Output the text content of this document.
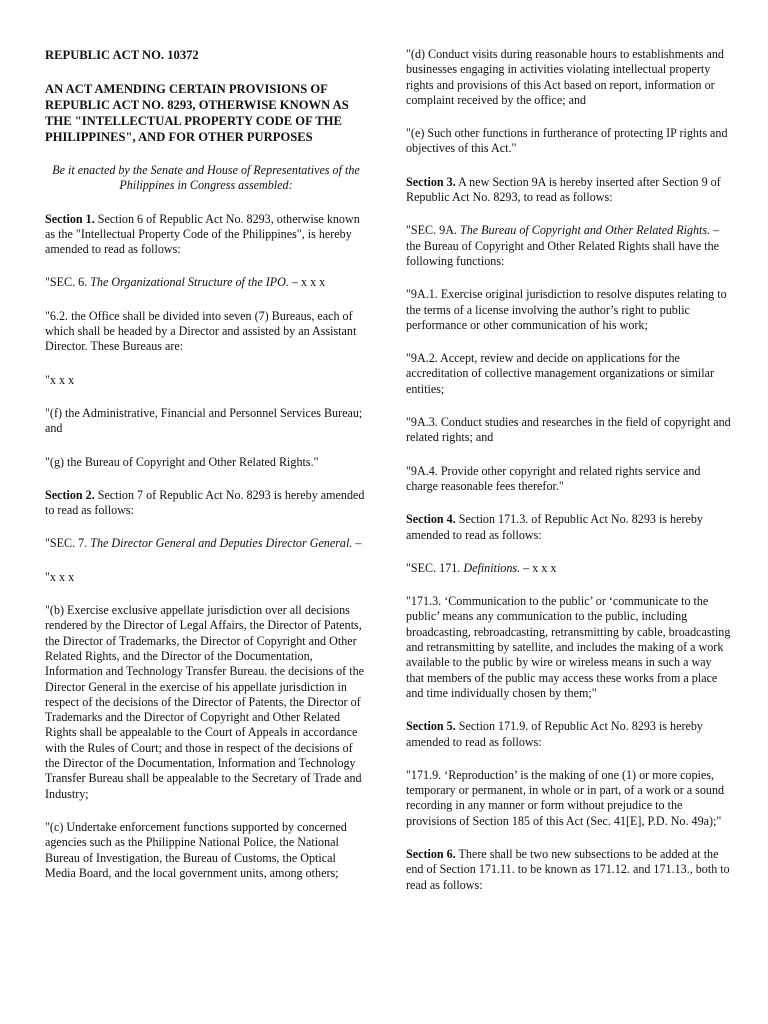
REPUBLIC ACT NO. 10372

AN ACT AMENDING CERTAIN PROVISIONS OF REPUBLIC ACT NO. 8293, OTHERWISE KNOWN AS THE "INTELLECTUAL PROPERTY CODE OF THE PHILIPPINES", AND FOR OTHER PURPOSES

Be it enacted by the Senate and House of Representatives of the Philippines in Congress assembled:

Section 1. Section 6 of Republic Act No. 8293, otherwise known as the "Intellectual Property Code of the Philippines", is hereby amended to read as follows:

"SEC. 6. The Organizational Structure of the IPO. – x x x

"6.2. the Office shall be divided into seven (7) Bureaus, each of which shall be headed by a Director and assisted by an Assistant Director. These Bureaus are:

"x x x

"(f) the Administrative, Financial and Personnel Services Bureau; and

"(g) the Bureau of Copyright and Other Related Rights."

Section 2. Section 7 of Republic Act No. 8293 is hereby amended to read as follows:

"SEC. 7. The Director General and Deputies Director General. –

"x x x

"(b) Exercise exclusive appellate jurisdiction over all decisions rendered by the Director of Legal Affairs, the Director of Patents, the Director of Trademarks, the Director of Copyright and Other Related Rights, and the Director of the Documentation, Information and Technology Transfer Bureau. the decisions of the Director General in the exercise of his appellate jurisdiction in respect of the decisions of the Director of Patents, the Director of Trademarks and the Director of Copyright and Other Related Rights shall be appealable to the Court of Appeals in accordance with the Rules of Court; and those in respect of the decisions of the Director of the Documentation, Information and Technology Transfer Bureau shall be appealable to the Secretary of Trade and Industry;

"(c) Undertake enforcement functions supported by concerned agencies such as the Philippine National Police, the National Bureau of Investigation, the Bureau of Customs, the Optical Media Board, and the local government units, among others;

"(d) Conduct visits during reasonable hours to establishments and businesses engaging in activities violating intellectual property rights and provisions of this Act based on report, information or complaint received by the office; and

"(e) Such other functions in furtherance of protecting IP rights and objectives of this Act."

Section 3. A new Section 9A is hereby inserted after Section 9 of Republic Act No. 8293, to read as follows:

"SEC. 9A. The Bureau of Copyright and Other Related Rights. – the Bureau of Copyright and Other Related Rights shall have the following functions:

"9A.1. Exercise original jurisdiction to resolve disputes relating to the terms of a license involving the author’s right to public performance or other communication of his work;

"9A.2. Accept, review and decide on applications for the accreditation of collective management organizations or similar entities;

"9A.3. Conduct studies and researches in the field of copyright and related rights; and

"9A.4. Provide other copyright and related rights service and charge reasonable fees therefor."

Section 4. Section 171.3. of Republic Act No. 8293 is hereby amended to read as follows:

"SEC. 171. Definitions. – x x x

"171.3. ‘Communication to the public’ or ‘communicate to the public’ means any communication to the public, including broadcasting, rebroadcasting, retransmitting by cable, broadcasting and retransmitting by satellite, and includes the making of a work available to the public by wire or wireless means in such a way that members of the public may access these works from a place and time individually chosen by them;"

Section 5. Section 171.9. of Republic Act No. 8293 is hereby amended to read as follows:

"171.9. ‘Reproduction’ is the making of one (1) or more copies, temporary or permanent, in whole or in part, of a work or a sound recording in any manner or form without prejudice to the provisions of Section 185 of this Act (Sec. 41[E], P.D. No. 49a);"

Section 6. There shall be two new subsections to be added at the end of Section 171.11. to be known as 171.12. and 171.13., both to read as follows:
